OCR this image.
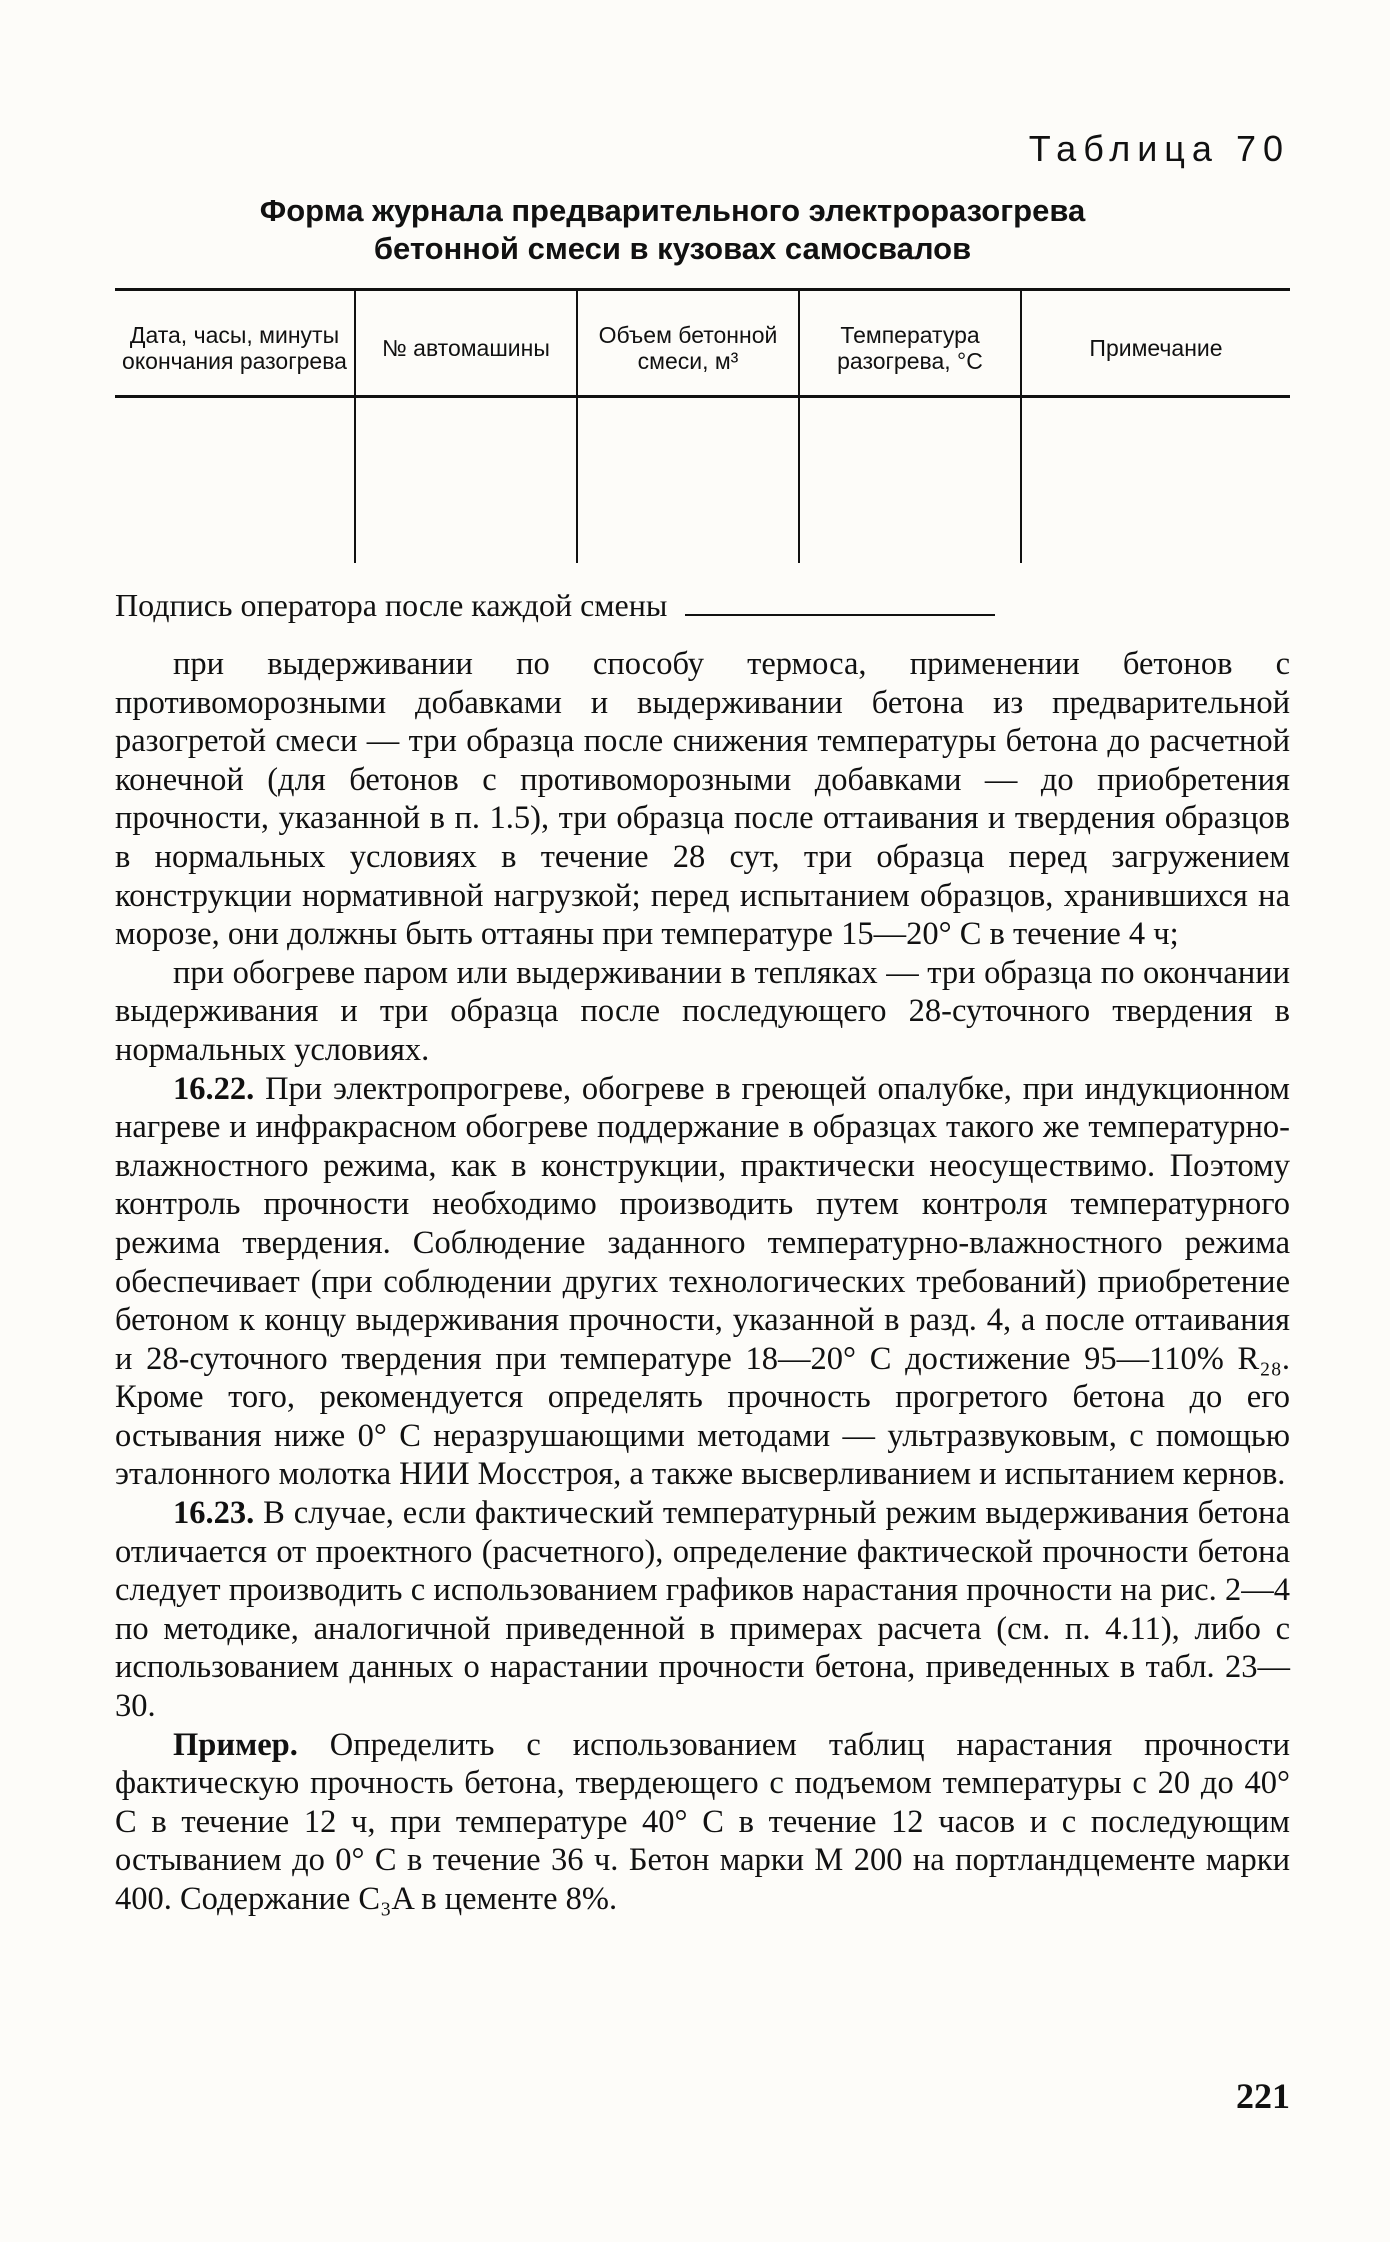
Таблица 70
Форма журнала предварительного электроразогрева
бетонной смеси в кузовах самосвалов
Дата, часы, минуты окончания разогрева	№ автомашины	Объем бетонной смеси, м³	Температура разогрева, °С	Примечание

Подпись оператора после каждой смены

при выдерживании по способу термоса, применении бетонов с противоморозными добавками и выдерживании бетона из предварительной разогретой смеси — три образца после снижения температуры бетона до расчетной конечной (для бетонов с противоморозными добавками — до приобретения прочности, указанной в п. 1.5), три образца после оттаивания и твердения образцов в нормальных условиях в течение 28 сут, три образца перед загружением конструкции нормативной нагрузкой; перед испытанием образцов, хранившихся на морозе, они должны быть оттаяны при температуре 15—20° С в течение 4 ч;

при обогреве паром или выдерживании в тепляках — три образца по окончании выдерживания и три образца после последующего 28-суточного твердения в нормальных условиях.

16.22. При электропрогреве, обогреве в греющей опалубке, при индукционном нагреве и инфракрасном обогреве поддержание в образцах такого же температурно-влажностного режима, как в конструкции, практически неосуществимо. Поэтому контроль прочности необходимо производить путем контроля температурного режима твердения. Соблюдение заданного температурно-влажностного режима обеспечивает (при соблюдении других технологических требований) приобретение бетоном к концу выдерживания прочности, указанной в разд. 4, а после оттаивания и 28-суточного твердения при температуре 18—20° С достижение 95—110% R₂₈. Кроме того, рекомендуется определять прочность прогретого бетона до его остывания ниже 0° С неразрушающими методами — ультразвуковым, с помощью эталонного молотка НИИ Мосстроя, а также высверливанием и испытанием кернов.

16.23. В случае, если фактический температурный режим выдерживания бетона отличается от проектного (расчетного), определение фактической прочности бетона следует производить с использованием графиков нарастания прочности на рис. 2—4 по методике, аналогичной приведенной в примерах расчета (см. п. 4.11), либо с использованием данных о нарастании прочности бетона, приведенных в табл. 23—30.

Пример. Определить с использованием таблиц нарастания прочности фактическую прочность бетона, твердеющего с подъемом температуры с 20 до 40° С в течение 12 ч, при температуре 40° С в течение 12 часов и с последующим остыванием до 0° С в течение 36 ч. Бетон марки М 200 на портландцементе марки 400. Содержание C₃A в цементе 8%.

221
